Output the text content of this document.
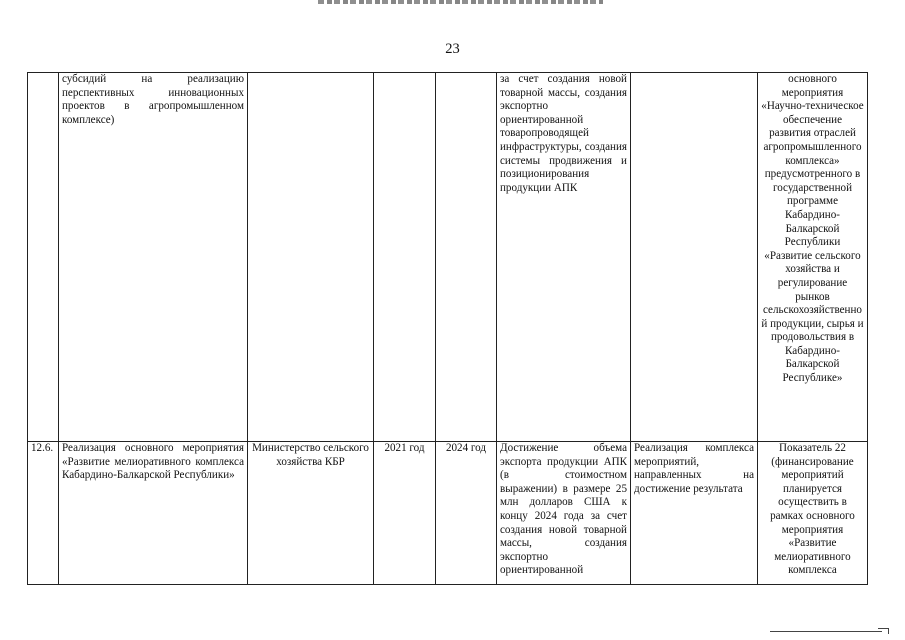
23
	субсидий на реализацию перспективных инновационных проектов в агропромышленном комплексе)				за счет создания новой товарной массы, создания экспортно ориентированной товаропроводящей инфраструктуры, создания системы продвижения и позиционирования продукции АПК		основного мероприятия «Научно-техническое обеспечение развития отраслей агропромышленного комплекса» предусмотренного в государственной программе Кабардино-Балкарской Республики «Развитие сельского хозяйства и регулирование рынков сельскохозяйственной продукции, сырья и продовольствия в Кабардино-Балкарской Республике»
12.6.	Реализация основного мероприятия «Развитие мелиоративного комплекса Кабардино-Балкарской Республики»	Министерство сельского хозяйства КБР	2021 год	2024 год	Достижение объема экспорта продукции АПК (в стоимостном выражении) в размере 25 млн долларов США к концу 2024 года за счет создания новой товарной массы, создания экспортно ориентированной	Реализация комплекса мероприятий, направленных на достижение результата	Показатель 22 (финансирование мероприятий планируется осуществить в рамках основного мероприятия «Развитие мелиоративного комплекса
